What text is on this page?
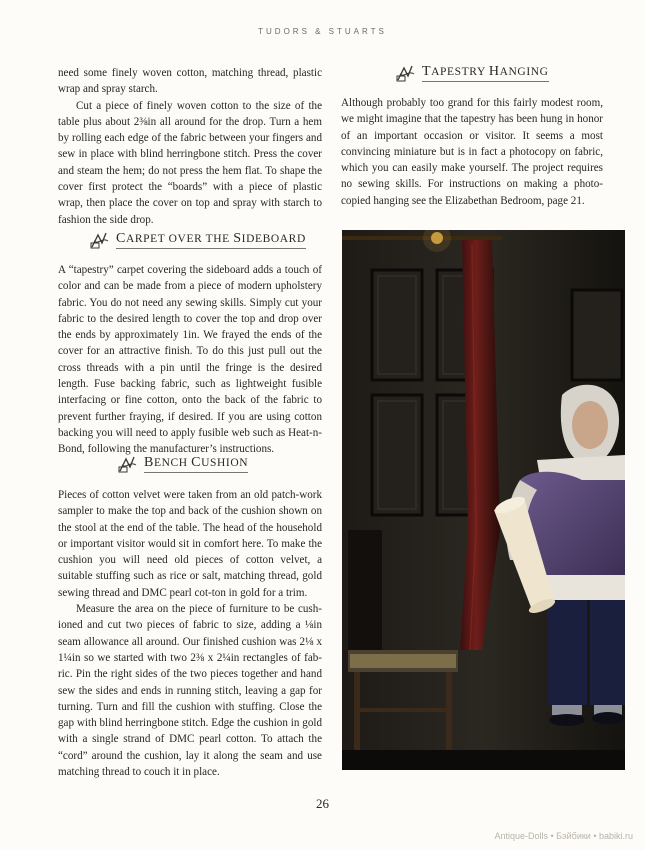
TUDORS & STUARTS

need some finely woven cotton, matching thread, plastic wrap and spray starch.

Cut a piece of finely woven cotton to the size of the table plus about 2⅜in all around for the drop. Turn a hem by rolling each edge of the fabric between your fingers and sew in place with blind herringbone stitch. Press the cover and steam the hem; do not press the hem flat. To shape the cover first protect the “boards” with a piece of plastic wrap, then place the cover on top and spray with starch to fashion the side drop.

CARPET OVER THE SIDEBOARD

A “tapestry” carpet covering the sideboard adds a touch of color and can be made from a piece of modern upholstery fabric. You do not need any sewing skills. Simply cut your fabric to the desired length to cover the top and drop over the ends by approximately 1in. We frayed the ends of the cover for an attractive finish. To do this just pull out the cross threads with a pin until the fringe is the desired length. Fuse backing fabric, such as lightweight fusible interfacing or fine cotton, onto the back of the fabric to prevent further fraying, if desired. If you are using cotton backing you will need to apply fusible web such as Heat-n-Bond, following the manufacturer’s instructions.

BENCH CUSHION

Pieces of cotton velvet were taken from an old patch-work sampler to make the top and back of the cushion shown on the stool at the end of the table. The head of the household or important visitor would sit in comfort here. To make the cushion you will need old pieces of cotton velvet, a suitable stuffing such as rice or salt, matching thread, gold sewing thread and DMC pearl cot-ton in gold for a trim.

Measure the area on the piece of furniture to be cush-ioned and cut two pieces of fabric to size, adding a ⅛in seam allowance all around. Our finished cushion was 2⅛ x 1¼in so we started with two 2⅜ x 2¼in rectangles of fab-ric. Pin the right sides of the two pieces together and hand sew the sides and ends in running stitch, leaving a gap for turning. Turn and fill the cushion with stuffing. Close the gap with blind herringbone stitch. Edge the cushion in gold with a single strand of DMC pearl cotton. To attach the “cord” around the cushion, lay it along the seam and use matching thread to couch it in place.

TAPESTRY HANGING

Although probably too grand for this fairly modest room, we might imagine that the tapestry has been hung in honor of an important occasion or visitor. It seems a most convincing miniature but is in fact a photocopy on fabric, which you can easily make yourself. The project requires no sewing skills. For instructions on making a photo-copied hanging see the Elizabethan Bedroom, page 21.

26
Antique-Dolls • Бэйбики • babiki.ru
